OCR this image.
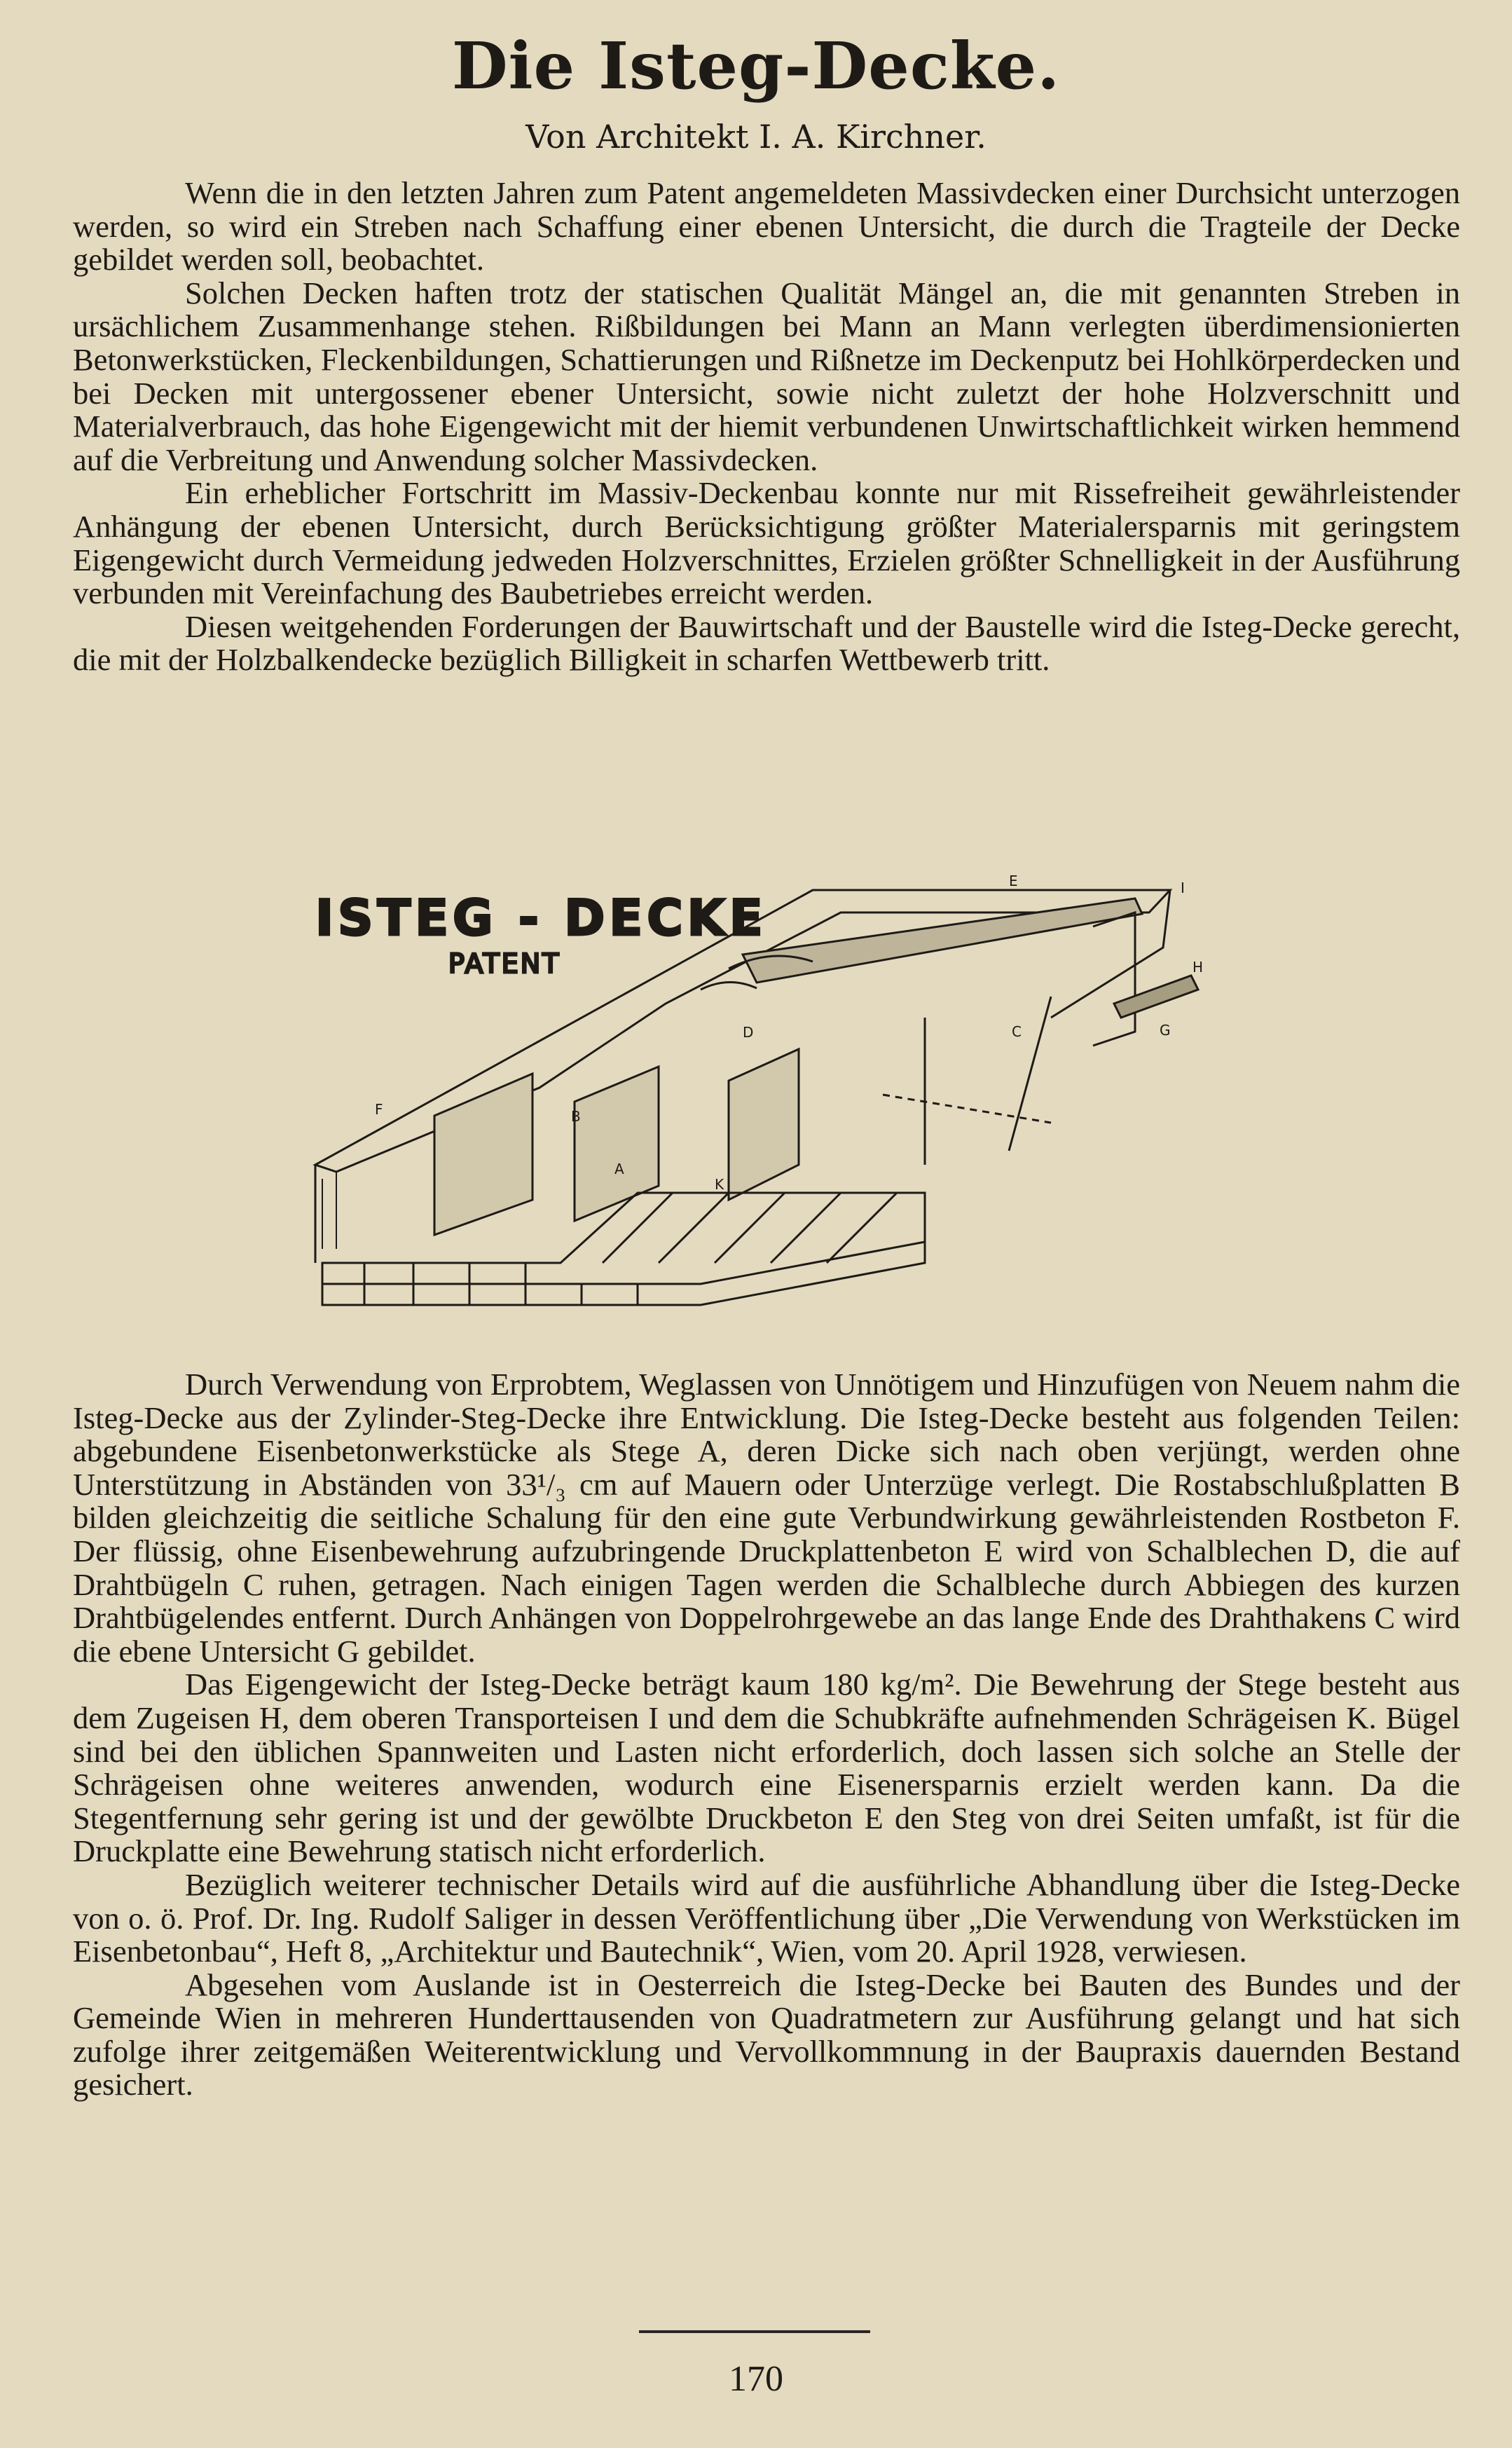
Die Isteg-Decke.
Von Architekt I. A. Kirchner.

Wenn die in den letzten Jahren zum Patent angemeldeten Massivdecken einer Durchsicht unterzogen werden, so wird ein Streben nach Schaffung einer ebenen Untersicht, die durch die Tragteile der Decke gebildet werden soll, beobachtet.

Solchen Decken haften trotz der statischen Qualität Mängel an, die mit genannten Streben in ursächlichem Zusammenhange stehen. Rißbildungen bei Mann an Mann verlegten überdimensionierten Betonwerkstücken, Fleckenbildungen, Schattierungen und Rißnetze im Deckenputz bei Hohlkörperdecken und bei Decken mit untergossener ebener Untersicht, sowie nicht zuletzt der hohe Holzverschnitt und Materialverbrauch, das hohe Eigengewicht mit der hiemit verbundenen Unwirtschaftlichkeit wirken hemmend auf die Verbreitung und Anwendung solcher Massivdecken.

Ein erheblicher Fortschritt im Massiv-Deckenbau konnte nur mit Rissefreiheit gewährleistender Anhängung der ebenen Untersicht, durch Berücksichtigung größter Materialersparnis mit geringstem Eigengewicht durch Vermeidung jedweden Holzverschnittes, Erzielen größter Schnelligkeit in der Ausführung verbunden mit Vereinfachung des Baubetriebes erreicht werden.

Diesen weitgehenden Forderungen der Bauwirtschaft und der Baustelle wird die Isteg-Decke gerecht, die mit der Holzbalkendecke bezüglich Billigkeit in scharfen Wettbewerb tritt.

ISTEG - DECKE
PATENT
E	I
H
D	C	G
F	B
A
K

Durch Verwendung von Erprobtem, Weglassen von Unnötigem und Hinzufügen von Neuem nahm die Isteg-Decke aus der Zylinder-Steg-Decke ihre Entwicklung. Die Isteg-Decke besteht aus folgenden Teilen: abgebundene Eisenbetonwerkstücke als Stege A, deren Dicke sich nach oben verjüngt, werden ohne Unterstützung in Abständen von 33¹/₃ cm auf Mauern oder Unterzüge verlegt. Die Rostabschlußplatten B bilden gleichzeitig die seitliche Schalung für den eine gute Verbundwirkung gewährleistenden Rostbeton F. Der flüssig, ohne Eisenbewehrung aufzubringende Druckplattenbeton E wird von Schalblechen D, die auf Drahtbügeln C ruhen, getragen. Nach einigen Tagen werden die Schalbleche durch Abbiegen des kurzen Drahtbügelendes entfernt. Durch Anhängen von Doppelrohrgewebe an das lange Ende des Drahthakens C wird die ebene Untersicht G gebildet.

Das Eigengewicht der Isteg-Decke beträgt kaum 180 kg/m². Die Bewehrung der Stege besteht aus dem Zugeisen H, dem oberen Transporteisen I und dem die Schubkräfte aufnehmenden Schrägeisen K. Bügel sind bei den üblichen Spannweiten und Lasten nicht erforderlich, doch lassen sich solche an Stelle der Schrägeisen ohne weiteres anwenden, wodurch eine Eisenersparnis erzielt werden kann. Da die Stegentfernung sehr gering ist und der gewölbte Druckbeton E den Steg von drei Seiten umfaßt, ist für die Druckplatte eine Bewehrung statisch nicht erforderlich.

Bezüglich weiterer technischer Details wird auf die ausführliche Abhandlung über die Isteg-Decke von o. ö. Prof. Dr. Ing. Rudolf Saliger in dessen Veröffentlichung über „Die Verwendung von Werkstücken im Eisenbetonbau“, Heft 8, „Architektur und Bautechnik“, Wien, vom 20. April 1928, verwiesen.

Abgesehen vom Auslande ist in Oesterreich die Isteg-Decke bei Bauten des Bundes und der Gemeinde Wien in mehreren Hunderttausenden von Quadratmetern zur Ausführung gelangt und hat sich zufolge ihrer zeitgemäßen Weiterentwicklung und Vervollkommnung in der Baupraxis dauernden Bestand gesichert.

170
